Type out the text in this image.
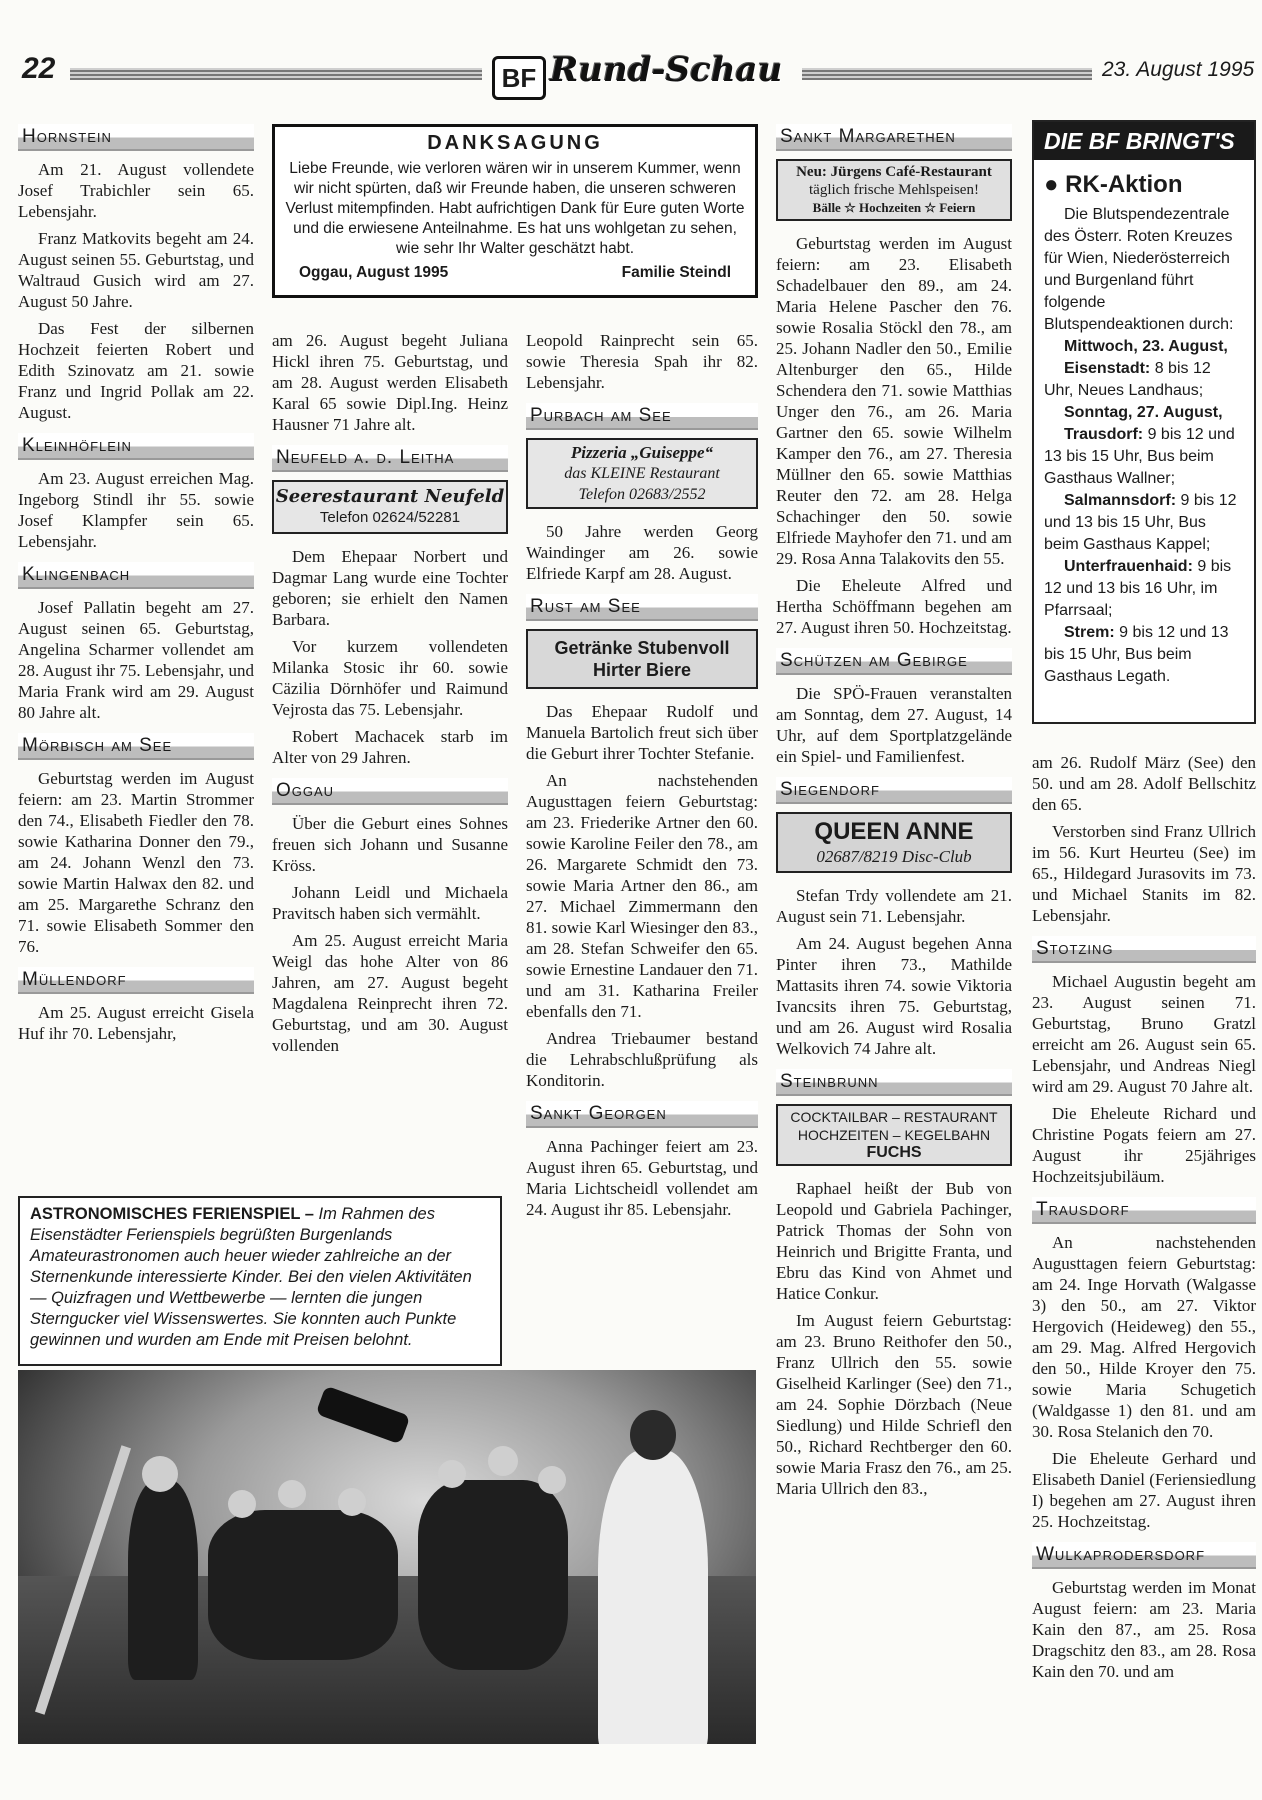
22	BF Rund-Schau	23. August 1995
Hornstein

Am 21. August vollendete Josef Trabichler sein 65. Lebensjahr.

Franz Matkovits begeht am 24. August seinen 55. Geburtstag, und Waltraud Gusich wird am 27. August 50 Jahre.

Das Fest der silbernen Hochzeit feierten Robert und Edith Szinovatz am 21. sowie Franz und Ingrid Pollak am 22. August.

Kleinhöflein

Am 23. August erreichen Mag. Ingeborg Stindl ihr 55. sowie Josef Klampfer sein 65. Lebensjahr.

Klingenbach

Josef Pallatin begeht am 27. August seinen 65. Geburtstag, Angelina Scharmer vollendet am 28. August ihr 75. Lebensjahr, und Maria Frank wird am 29. August 80 Jahre alt.

Mörbisch am See

Geburtstag werden im August feiern: am 23. Martin Strommer den 74., Elisabeth Fiedler den 78. sowie Katharina Donner den 79., am 24. Johann Wenzl den 73. sowie Martin Halwax den 82. und am 25. Margarethe Schranz den 71. sowie Elisabeth Sommer den 76.

Müllendorf

Am 25. August erreicht Gisela Huf ihr 70. Lebensjahr,

DANKSAGUNG
Liebe Freunde, wie verloren wären wir in unserem Kummer, wenn wir nicht spürten, daß wir Freunde haben, die unseren schweren Verlust mitempfinden. Habt aufrichtigen Dank für Eure guten Worte und die erwiesene Anteilnahme. Es hat uns wohlgetan zu sehen, wie sehr Ihr Walter geschätzt habt.
Oggau, August 1995	Familie Steindl

am 26. August begeht Juliana Hickl ihren 75. Geburtstag, und am 28. August werden Elisabeth Karal 65 sowie Dipl.Ing. Heinz Hausner 71 Jahre alt.

Neufeld a. d. Leitha
Seerestaurant Neufeld
Telefon 02624/52281

Dem Ehepaar Norbert und Dagmar Lang wurde eine Tochter geboren; sie erhielt den Namen Barbara.

Vor kurzem vollendeten Milanka Stosic ihr 60. sowie Cäzilia Dörnhöfer und Raimund Vejrosta das 75. Lebensjahr.

Robert Machacek starb im Alter von 29 Jahren.

Oggau

Über die Geburt eines Sohnes freuen sich Johann und Susanne Kröss.

Johann Leidl und Michaela Pravitsch haben sich vermählt.

Am 25. August erreicht Maria Weigl das hohe Alter von 86 Jahren, am 27. August begeht Magdalena Reinprecht ihren 72. Geburtstag, und am 30. August vollenden

Leopold Rainprecht sein 65. sowie Theresia Spah ihr 82. Lebensjahr.

Purbach am See
Pizzeria „Guiseppe“
das KLEINE Restaurant
Telefon 02683/2552

50 Jahre werden Georg Waindinger am 26. sowie Elfriede Karpf am 28. August.

Rust am See
Getränke Stubenvoll
Hirter Biere

Das Ehepaar Rudolf und Manuela Bartolich freut sich über die Geburt ihrer Tochter Stefanie.

An nachstehenden Augusttagen feiern Geburtstag: am 23. Friederike Artner den 60. sowie Karoline Feiler den 78., am 26. Margarete Schmidt den 73. sowie Maria Artner den 86., am 27. Michael Zimmermann den 81. sowie Karl Wiesinger den 83., am 28. Stefan Schweifer den 65. sowie Ernestine Landauer den 71. und am 31. Katharina Freiler ebenfalls den 71.

Andrea Triebaumer bestand die Lehrabschlußprüfung als Konditorin.

Sankt Georgen

Anna Pachinger feiert am 23. August ihren 65. Geburtstag, und Maria Lichtscheidl vollendet am 24. August ihr 85. Lebensjahr.

Sankt Margarethen
Neu: Jürgens Café-Restaurant
täglich frische Mehlspeisen!
Bälle ☆ Hochzeiten ☆ Feiern

Geburtstag werden im August feiern: am 23. Elisabeth Schadelbauer den 89., am 24. Maria Helene Pascher den 76. sowie Rosalia Stöckl den 78., am 25. Johann Nadler den 50., Emilie Altenburger den 65., Hilde Schendera den 71. sowie Matthias Unger den 76., am 26. Maria Gartner den 65. sowie Wilhelm Kamper den 76., am 27. Theresia Müllner den 65. sowie Matthias Reuter den 72. am 28. Helga Schachinger den 50. sowie Elfriede Mayhofer den 71. und am 29. Rosa Anna Talakovits den 55.

Die Eheleute Alfred und Hertha Schöffmann begehen am 27. August ihren 50. Hochzeitstag.

Schützen am Gebirge

Die SPÖ-Frauen veranstalten am Sonntag, dem 27. August, 14 Uhr, auf dem Sportplatzgelände ein Spiel- und Familienfest.

Siegendorf
QUEEN ANNE
02687/8219 Disc-Club

Stefan Trdy vollendete am 21. August sein 71. Lebensjahr.

Am 24. August begehen Anna Pinter ihren 73., Mathilde Mattasits ihren 74. sowie Viktoria Ivancsits ihren 75. Geburtstag, und am 26. August wird Rosalia Welkovich 74 Jahre alt.

Steinbrunn
COCKTAILBAR – RESTAURANT
HOCHZEITEN – KEGELBAHN
FUCHS

Raphael heißt der Bub von Leopold und Gabriela Pachinger, Patrick Thomas der Sohn von Heinrich und Brigitte Franta, und Ebru das Kind von Ahmet und Hatice Conkur.

Im August feiern Geburtstag: am 23. Bruno Reithofer den 50., Franz Ullrich den 55. sowie Giselheid Karlinger (See) den 71., am 24. Sophie Dörzbach (Neue Siedlung) und Hilde Schriefl den 50., Richard Rechtberger den 60. sowie Maria Frasz den 76., am 25. Maria Ullrich den 83.,

DIE BF BRINGT'S
● RK-Aktion

Die Blutspendezentrale des Österr. Roten Kreuzes für Wien, Niederösterreich und Burgenland führt folgende Blutspendeaktionen durch:

Mittwoch, 23. August,

Eisenstadt: 8 bis 12 Uhr, Neues Landhaus;

Sonntag, 27. August,

Trausdorf: 9 bis 12 und 13 bis 15 Uhr, Bus beim Gasthaus Wallner;

Salmannsdorf: 9 bis 12 und 13 bis 15 Uhr, Bus beim Gasthaus Kappel;

Unterfrauenhaid: 9 bis 12 und 13 bis 16 Uhr, im Pfarrsaal;

Strem: 9 bis 12 und 13 bis 15 Uhr, Bus beim Gasthaus Legath.

am 26. Rudolf März (See) den 50. und am 28. Adolf Bellschitz den 65.

Verstorben sind Franz Ullrich im 56. Kurt Heurteu (See) im 65., Hildegard Jurasovits im 73. und Michael Stanits im 82. Lebensjahr.

Stotzing

Michael Augustin begeht am 23. August seinen 71. Geburtstag, Bruno Gratzl erreicht am 26. August sein 65. Lebensjahr, und Andreas Niegl wird am 29. August 70 Jahre alt.

Die Eheleute Richard und Christine Pogats feiern am 27. August ihr 25jähriges Hochzeitsjubiläum.

Trausdorf

An nachstehenden Augusttagen feiern Geburtstag: am 24. Inge Horvath (Walgasse 3) den 50., am 27. Viktor Hergovich (Heideweg) den 55., am 29. Mag. Alfred Hergovich den 50., Hilde Kroyer den 75. sowie Maria Schugetich (Waldgasse 1) den 81. und am 30. Rosa Stelanich den 70.

Die Eheleute Gerhard und Elisabeth Daniel (Feriensiedlung I) begehen am 27. August ihren 25. Hochzeitstag.

Wulkaprodersdorf

Geburtstag werden im Monat August feiern: am 23. Maria Kain den 87., am 25. Rosa Dragschitz den 83., am 28. Rosa Kain den 70. und am

ASTRONOMISCHES FERIENSPIEL – Im Rahmen des Eisenstädter Ferienspiels begrüßten Burgenlands Amateurastronomen auch heuer wieder zahlreiche an der Sternenkunde interessierte Kinder. Bei den vielen Aktivitäten — Quizfragen und Wettbewerbe — lernten die jungen Sterngucker viel Wissenswertes. Sie konnten auch Punkte gewinnen und wurden am Ende mit Preisen belohnt.
